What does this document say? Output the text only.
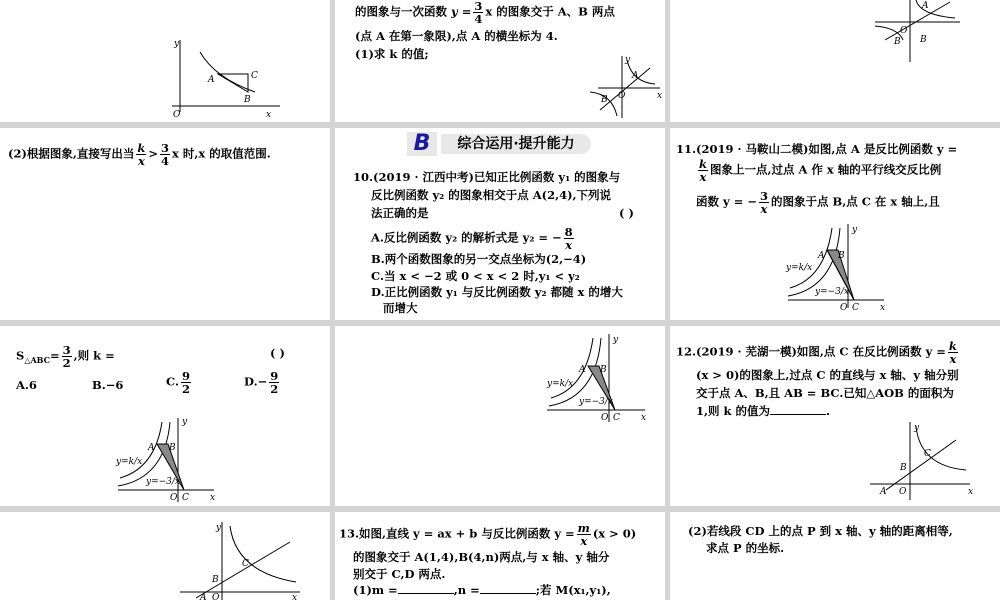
y
x
O
A	C
B

的图象与一次函数 $y = \frac{3}{4}$ x 的图象交于 A、B 两点

(点 A 在第一象限),点 A 的横坐标为 4.

(1)求 k 的值;	y
x
O
A
B
A
O
B
B

(2)根据图象,直接写出当 $\frac{k}{x} > \frac{3}{4}$ x 时,x 的取值范围.	B	综合运用·提升能力

10.(2019 · 江西中考)已知正比例函数 y₁ 的图象与

反比例函数 y₂ 的图象相交于点 A(2,4),下列说

法正确的是	( )

A.反比例函数 y₂ 的解析式是 y₂ = − $\frac{8}{x}$

B.两个函数图象的另一交点坐标为(2,−4)

C.当 x < −2 或 0 < x < 2 时,y₁ < y₂

D.正比例函数 y₁ 与反比例函数 y₂ 都随 x 的增大

而增大

11.(2019 · 马鞍山二模)如图,点 A 是反比例函数 y =

$\frac{k}{x}$ 图象上一点,过点 A 作 x 轴的平行线交反比例

函数 y = − $\frac{3}{x}$ 的图象于点 B,点 C 在 x 轴上,且

y
A B
y=k/x
y=−3/x
O C x

$S_{\triangle ABC}= \frac{3}{2}$ ,则 k =	( )

A.6	B.−6	C. $\frac{9}{2}$	$D.- \frac{9}{2}$

y
A B
y=k/x
y=−3/x
O C x
y
A B
y=k/x
y=−3/x
O C x

12.(2019 · 芜湖一模)如图,点 C 在反比例函数 $y = \frac{k}{x}$

(x > 0)的图象上,过点 C 的直线与 x 轴、y 轴分别

交于点 A、B,且 AB = BC.已知△AOB 的面积为

1,则 k 的值为	.

y
C
B
A O	x
y
C
B
A O	x

13.如图,直线 y = ax + b 与反比例函数 $y = \frac{m}{x} (x > 0)$

的图象交于 A(1,4),B(4,n)两点,与 x 轴、y 轴分

别交于 C,D 两点.

(1)m =	,n =	;若 M(x₁,y₁),

(2)若线段 CD 上的点 P 到 x 轴、y 轴的距离相等,

求点 P 的坐标.
